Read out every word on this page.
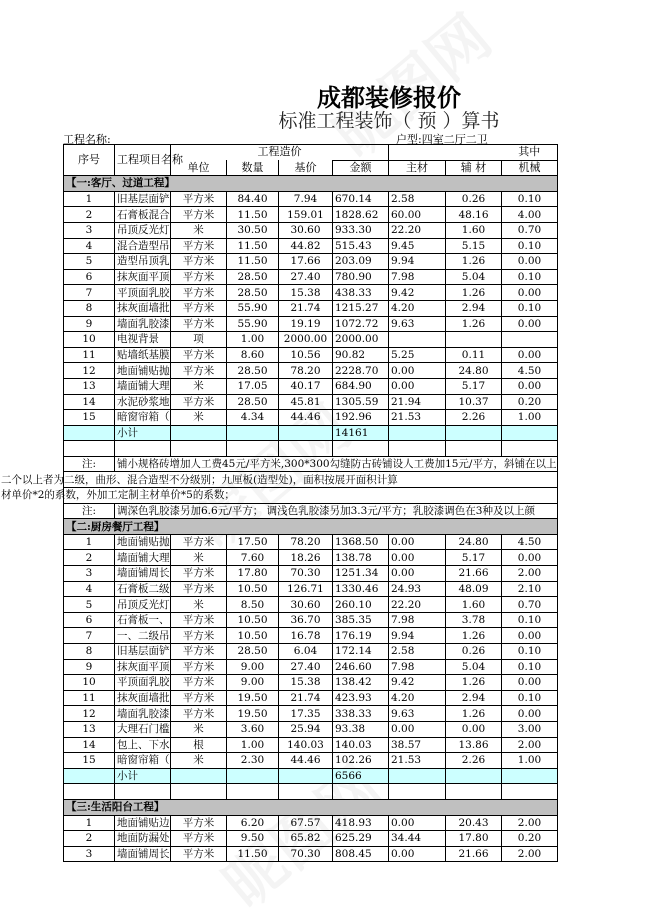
成都装修报价
标准工程装饰（ 预 ）算书
工程名称:	户型:四室二厅二卫
序号	工程项目名称	工程造价			其中
单位	数量	基价	金额	主材	辅 材	机械
【一:客厅、过道工程】
1	旧基层面铲	平方米	84.40	7.94	670.14	2.58	0.26	0.10
2	石膏板混合	平方米	11.50	159.01	1828.62	60.00	48.16	4.00
3	吊顶反光灯	米	30.50	30.60	933.30	22.20	1.60	0.70
4	混合造型吊	平方米	11.50	44.82	515.43	9.45	5.15	0.10
5	造型吊顶乳	平方米	11.50	17.66	203.09	9.94	1.26	0.00
6	抹灰面平顶	平方米	28.50	27.40	780.90	7.98	5.04	0.10
7	平顶面乳胶	平方米	28.50	15.38	438.33	9.42	1.26	0.00
8	抹灰面墙批	平方米	55.90	21.74	1215.27	4.20	2.94	0.10
9	墙面乳胶漆	平方米	55.90	19.19	1072.72	9.63	1.26	0.00
10	电视背景	项	1.00	2000.00	2000.00			
11	贴墙纸基膜	平方米	8.60	10.56	90.82	5.25	0.11	0.00
12	地面铺贴抛	平方米	28.50	78.20	2228.70	0.00	24.80	4.50
13	墙面铺大理	米	17.05	40.17	684.90	0.00	5.17	0.00
14	水泥砂浆地	平方米	28.50	45.81	1305.59	21.94	10.37	0.20
15	暗窗帘箱（	米	4.34	44.46	192.96	21.53	2.26	1.00
	小计				14161			

注:	铺小规格砖增加人工费45元/平方米,300*300勾缝防古砖铺设人工费加15元/平方，斜铺在以上
二个以上者为二级，曲形、混合造型不分级别；九厘板(造型处)，面积按展开面积计算
材单价*2的系数，外加工定制主材单价*5的系数；
注:	调深色乳胶漆另加6.6元/平方； 调浅色乳胶漆另加3.3元/平方；乳胶漆调色在3种及以上颜
【二:厨房餐厅工程】
1	地面铺贴抛	平方米	17.50	78.20	1368.50	0.00	24.80	4.50
2	墙面铺大理	米	7.60	18.26	138.78	0.00	5.17	0.00
3	墙面铺周长	平方米	17.80	70.30	1251.34	0.00	21.66	2.00
4	石膏板二级	平方米	10.50	126.71	1330.46	24.93	48.09	2.10
5	吊顶反光灯	米	8.50	30.60	260.10	22.20	1.60	0.70
6	石膏板一、	平方米	10.50	36.70	385.35	7.98	3.78	0.10
7	一、二级吊	平方米	10.50	16.78	176.19	9.94	1.26	0.00
8	旧基层面铲	平方米	28.50	6.04	172.14	2.58	0.26	0.10
9	抹灰面平顶	平方米	9.00	27.40	246.60	7.98	5.04	0.10
10	平顶面乳胶	平方米	9.00	15.38	138.42	9.42	1.26	0.00
11	抹灰面墙批	平方米	19.50	21.74	423.93	4.20	2.94	0.10
12	墙面乳胶漆	平方米	19.50	17.35	338.33	9.63	1.26	0.00
13	大理石门槛	米	3.60	25.94	93.38	0.00	0.00	3.00
14	包上、下水	根	1.00	140.03	140.03	38.57	13.86	2.00
15	暗窗帘箱（	米	2.30	44.46	102.26	21.53	2.26	1.00
	小计				6566			

【三:生活阳台工程】
1	地面铺贴边	平方米	6.20	67.57	418.93	0.00	20.43	2.00
2	地面防漏处	平方米	9.50	65.82	625.29	34.44	17.80	0.20
3	墙面铺周长	平方米	11.50	70.30	808.45	0.00	21.66	2.00
